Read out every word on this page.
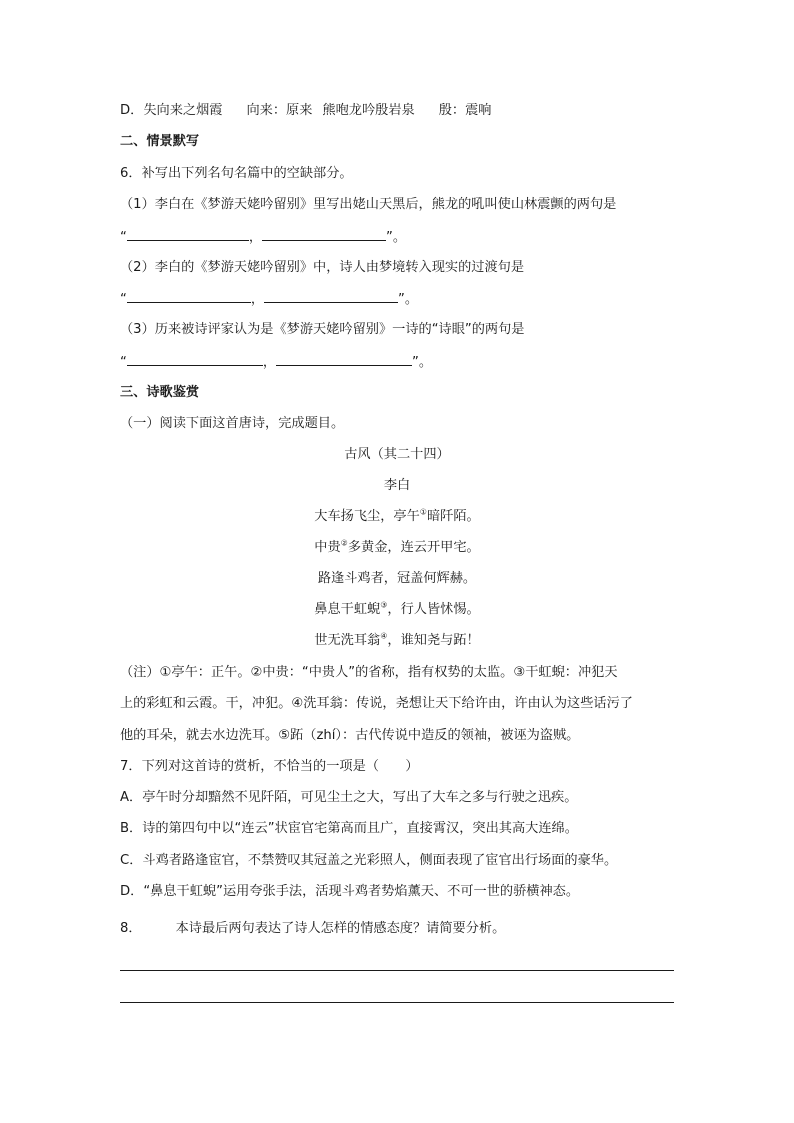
D．失向来之烟霞 向来：原来 熊咆龙吟殷岩泉 殷：震响

二、情景默写

6．补写出下列名句名篇中的空缺部分。

（1）李白在《梦游天姥吟留别》里写出姥山天黑后，熊龙的吼叫使山林震颤的两句是

“	，	”。

（2）李白的《梦游天姥吟留别》中，诗人由梦境转入现实的过渡句是

“	，	”。

（3）历来被诗评家认为是《梦游天姥吟留别》一诗的“诗眼”的两句是

“	，	”。

三、诗歌鉴赏

（一）阅读下面这首唐诗，完成题目。

古风（其二十四）

李白

大车扬飞尘，亭午①暗阡陌。

中贵②多黄金，连云开甲宅。

路逢斗鸡者，冠盖何辉赫。

鼻息干虹蜺③，行人皆怵惕。

世无洗耳翁④，谁知尧与跖！

（注）①亭午：正午。②中贵：“中贵人”的省称，指有权势的太监。③干虹蜺：冲犯天

上的彩虹和云霞。干，冲犯。④洗耳翁：传说，尧想让天下给许由，许由认为这些话污了

他的耳朵，就去水边洗耳。⑤跖（zhí）：古代传说中造反的领袖，被诬为盗贼。

7．下列对这首诗的赏析，不恰当的一项是（　　）

A．亭午时分却黯然不见阡陌，可见尘土之大，写出了大车之多与行驶之迅疾。

B．诗的第四句中以“连云”状宦官宅第高而且广，直接霄汉，突出其高大连绵。

C．斗鸡者路逢宦官，不禁赞叹其冠盖之光彩照人，侧面表现了宦官出行场面的豪华。

D．“鼻息干虹蜺”运用夸张手法，活现斗鸡者势焰薰天、不可一世的骄横神态。

8．	本诗最后两句表达了诗人怎样的情感态度？请简要分析。
